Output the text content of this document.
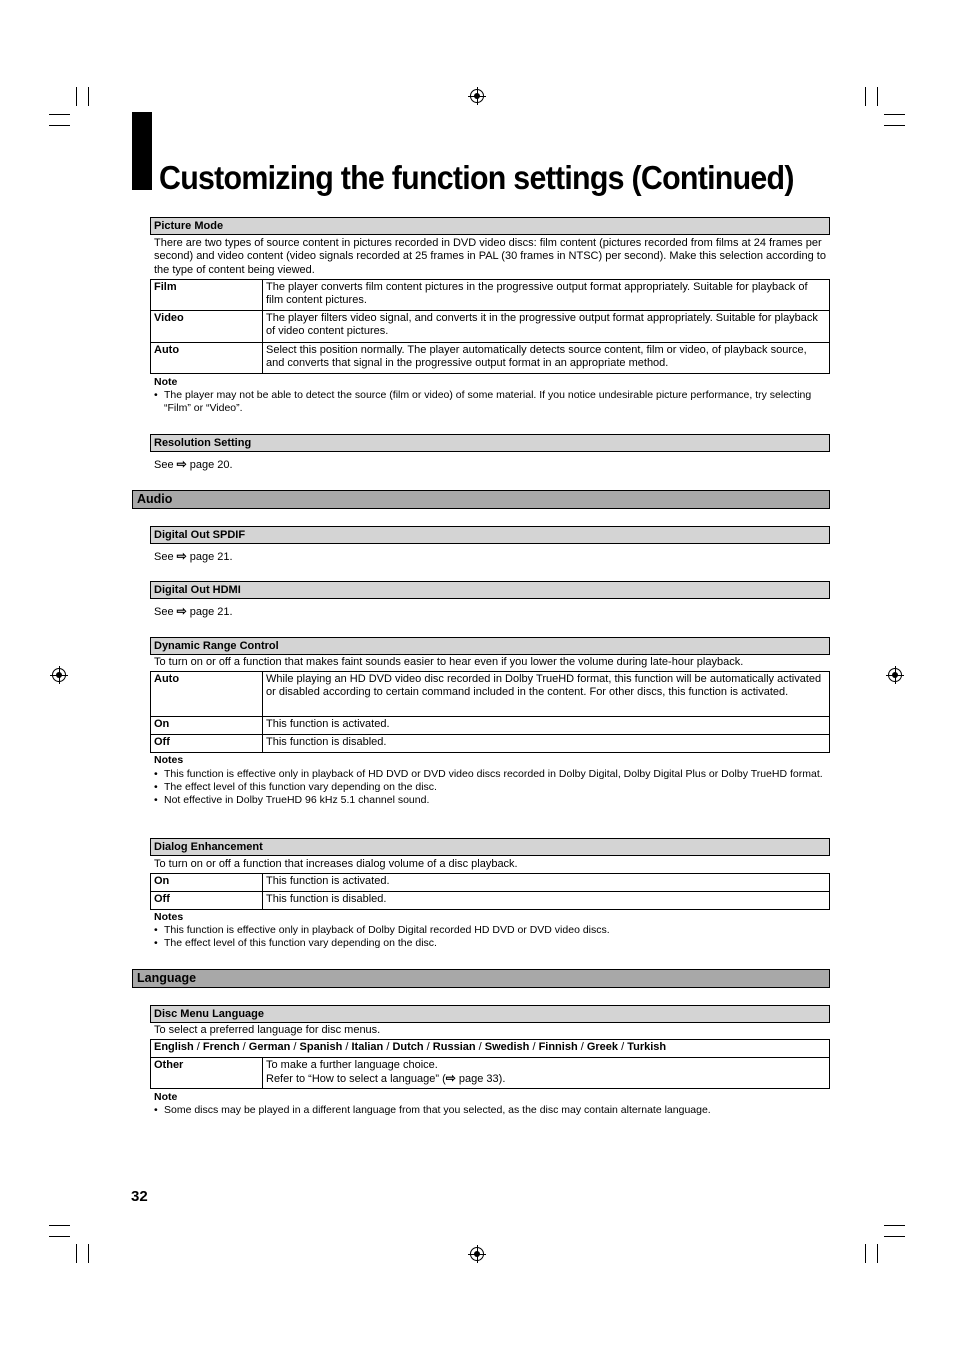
Customizing the function settings (Continued)
Picture Mode
There are two types of source content in pictures recorded in DVD video discs: film content (pictures recorded from films at 24 frames per second) and video content (video signals recorded at 25 frames in PAL (30 frames in NTSC) per second). Make this selection according to the type of content being viewed.
Film	The player converts film content pictures in the progressive output format appropriately. Suitable for playback of film content pictures.
Video	The player filters video signal, and converts it in the progressive output format appropriately. Suitable for playback of video content pictures.
Auto	Select this position normally. The player automatically detects source content, film or video, of playback source, and converts that signal in the progressive output format in an appropriate method.
Note
• The player may not be able to detect the source (film or video) of some material. If you notice undesirable picture performance, try selecting “Film” or “Video”.
Resolution Setting
See ⇨ page 20.
Audio
Digital Out SPDIF
See ⇨ page 21.
Digital Out HDMI
See ⇨ page 21.
Dynamic Range Control
To turn on or off a function that makes faint sounds easier to hear even if you lower the volume during late-hour playback.
Auto	While playing an HD DVD video disc recorded in Dolby TrueHD format, this function will be automatically activated or disabled according to certain command included in the content. For other discs, this function is activated.
On	This function is activated.
Off	This function is disabled.
Notes
• This function is effective only in playback of HD DVD or DVD video discs recorded in Dolby Digital, Dolby Digital Plus or Dolby TrueHD format.
• The effect level of this function vary depending on the disc.
• Not effective in Dolby TrueHD 96 kHz 5.1 channel sound.
Dialog Enhancement
To turn on or off a function that increases dialog volume of a disc playback.
On	This function is activated.
Off	This function is disabled.
Notes
• This function is effective only in playback of Dolby Digital recorded HD DVD or DVD video discs.
• The effect level of this function vary depending on the disc.
Language
Disc Menu Language
To select a preferred language for disc menus.
English / French / German / Spanish / Italian / Dutch / Russian / Swedish / Finnish / Greek / Turkish
Other	To make a further language choice.
Refer to “How to select a language” (⇨ page 33).
Note
• Some discs may be played in a different language from that you selected, as the disc may contain alternate language.
32
